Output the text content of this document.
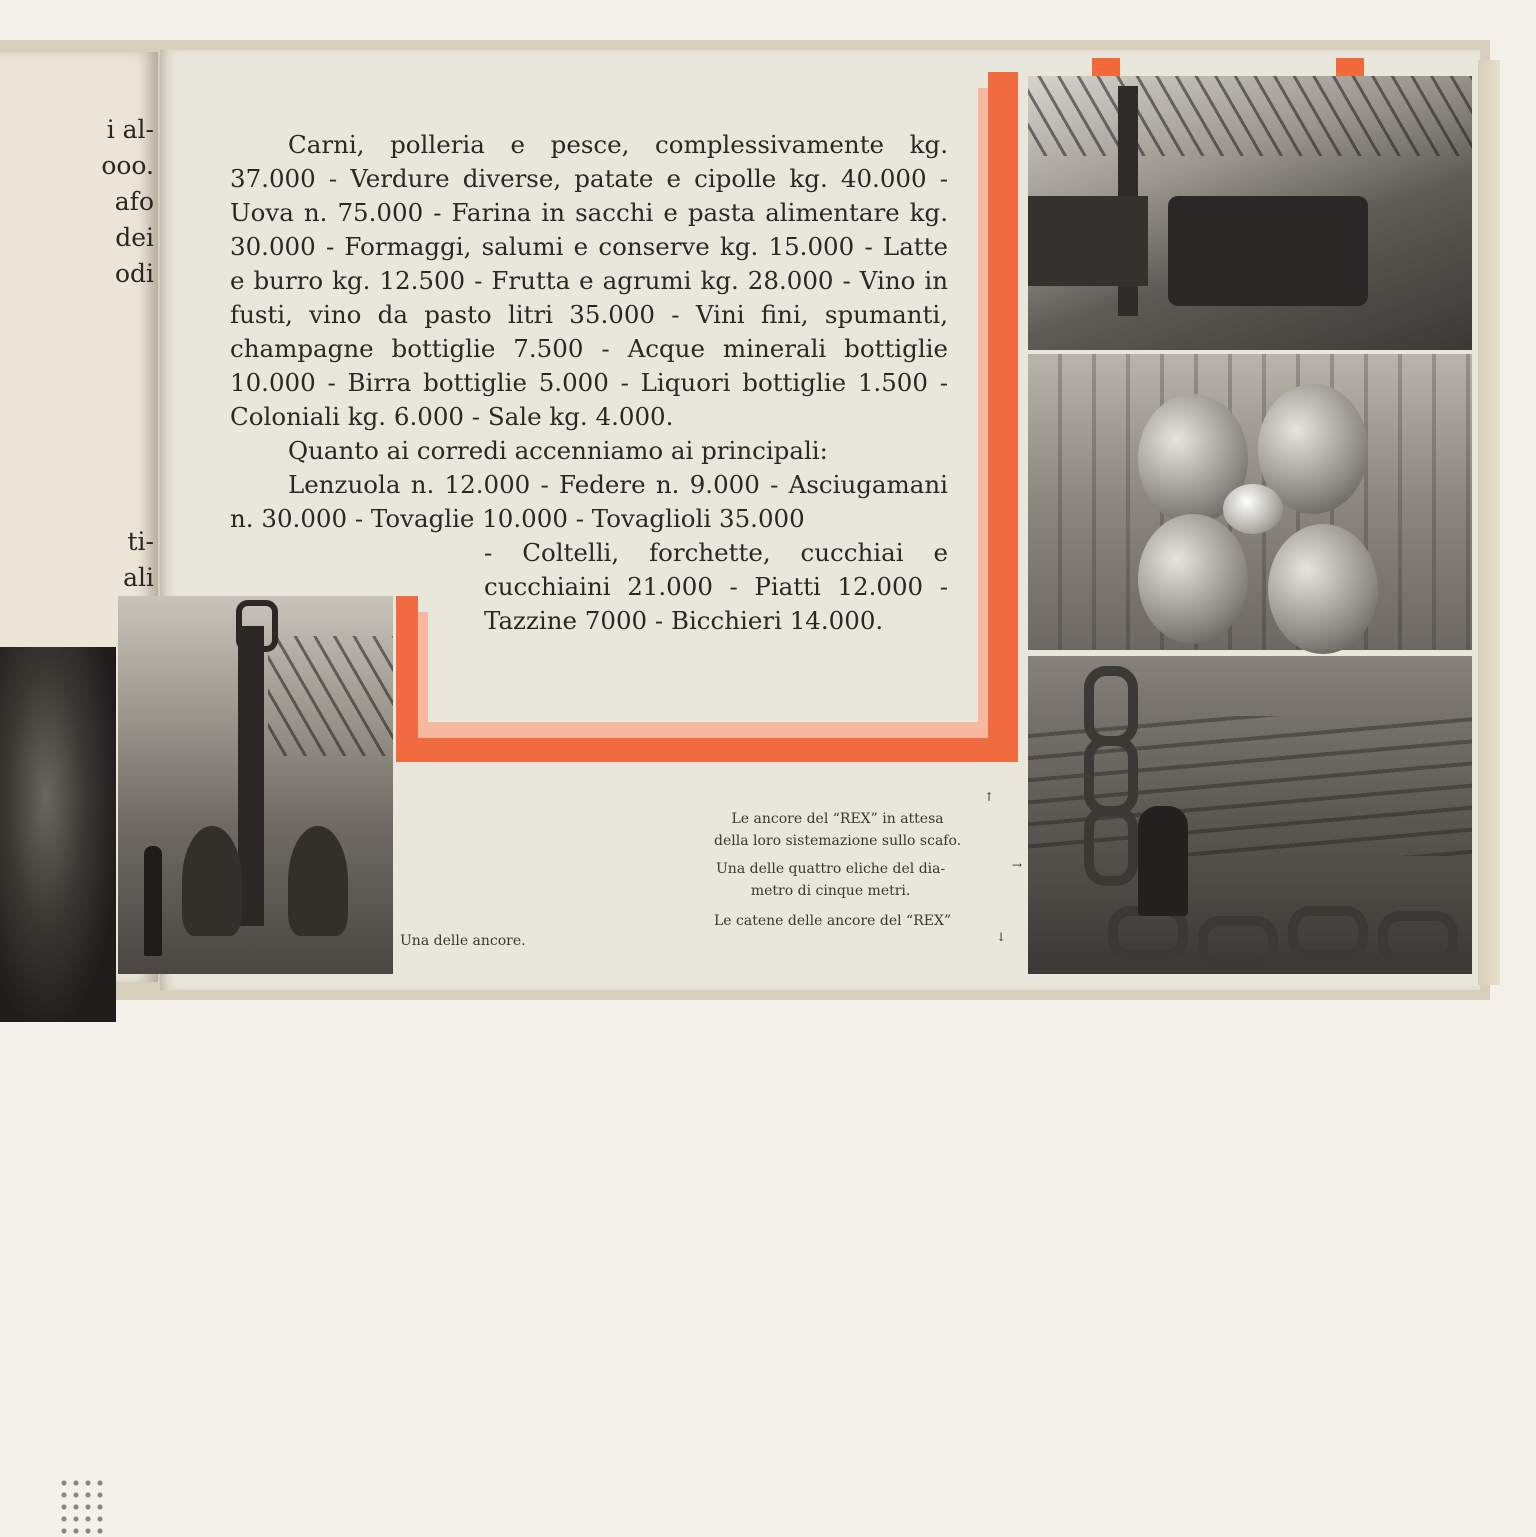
i al-
ooo.
afo
dei
odi
ti-
ali

Carni, polleria e pesce, complessivamente kg. 37.000 - Verdure diverse, patate e cipolle kg. 40.000 - Uova n. 75.000 - Farina in sacchi e pasta alimentare kg. 30.000 - Formaggi, salumi e conserve kg. 15.000 - Latte e burro kg. 12.500 - Frutta e agrumi kg. 28.000 - Vino in fusti, vino da pasto litri 35.000 - Vini fini, spumanti, champagne bottiglie 7.500 - Acque minerali bottiglie 10.000 - Birra bottiglie 5.000 - Liquori bottiglie 1.500 - Coloniali kg. 6.000 - Sale kg. 4.000.

Quanto ai corredi accenniamo ai principali:

Lenzuola n. 12.000 - Federe n. 9.000 - Asciugamani n. 30.000 - Tovaglie 10.000 - Tovaglioli 35.000

- Coltelli, forchette, cucchiai e cucchiaini 21.000 - Piatti 12.000 - Tazzine 7000 - Bicchieri 14.000.

Una delle ancore.
↑
Le ancore del “REX” in attesa
della loro sistemazione sullo scafo.
Una delle quattro eliche del dia-
metro di cinque metri.
→
Le catene delle ancore del “REX”
↓
